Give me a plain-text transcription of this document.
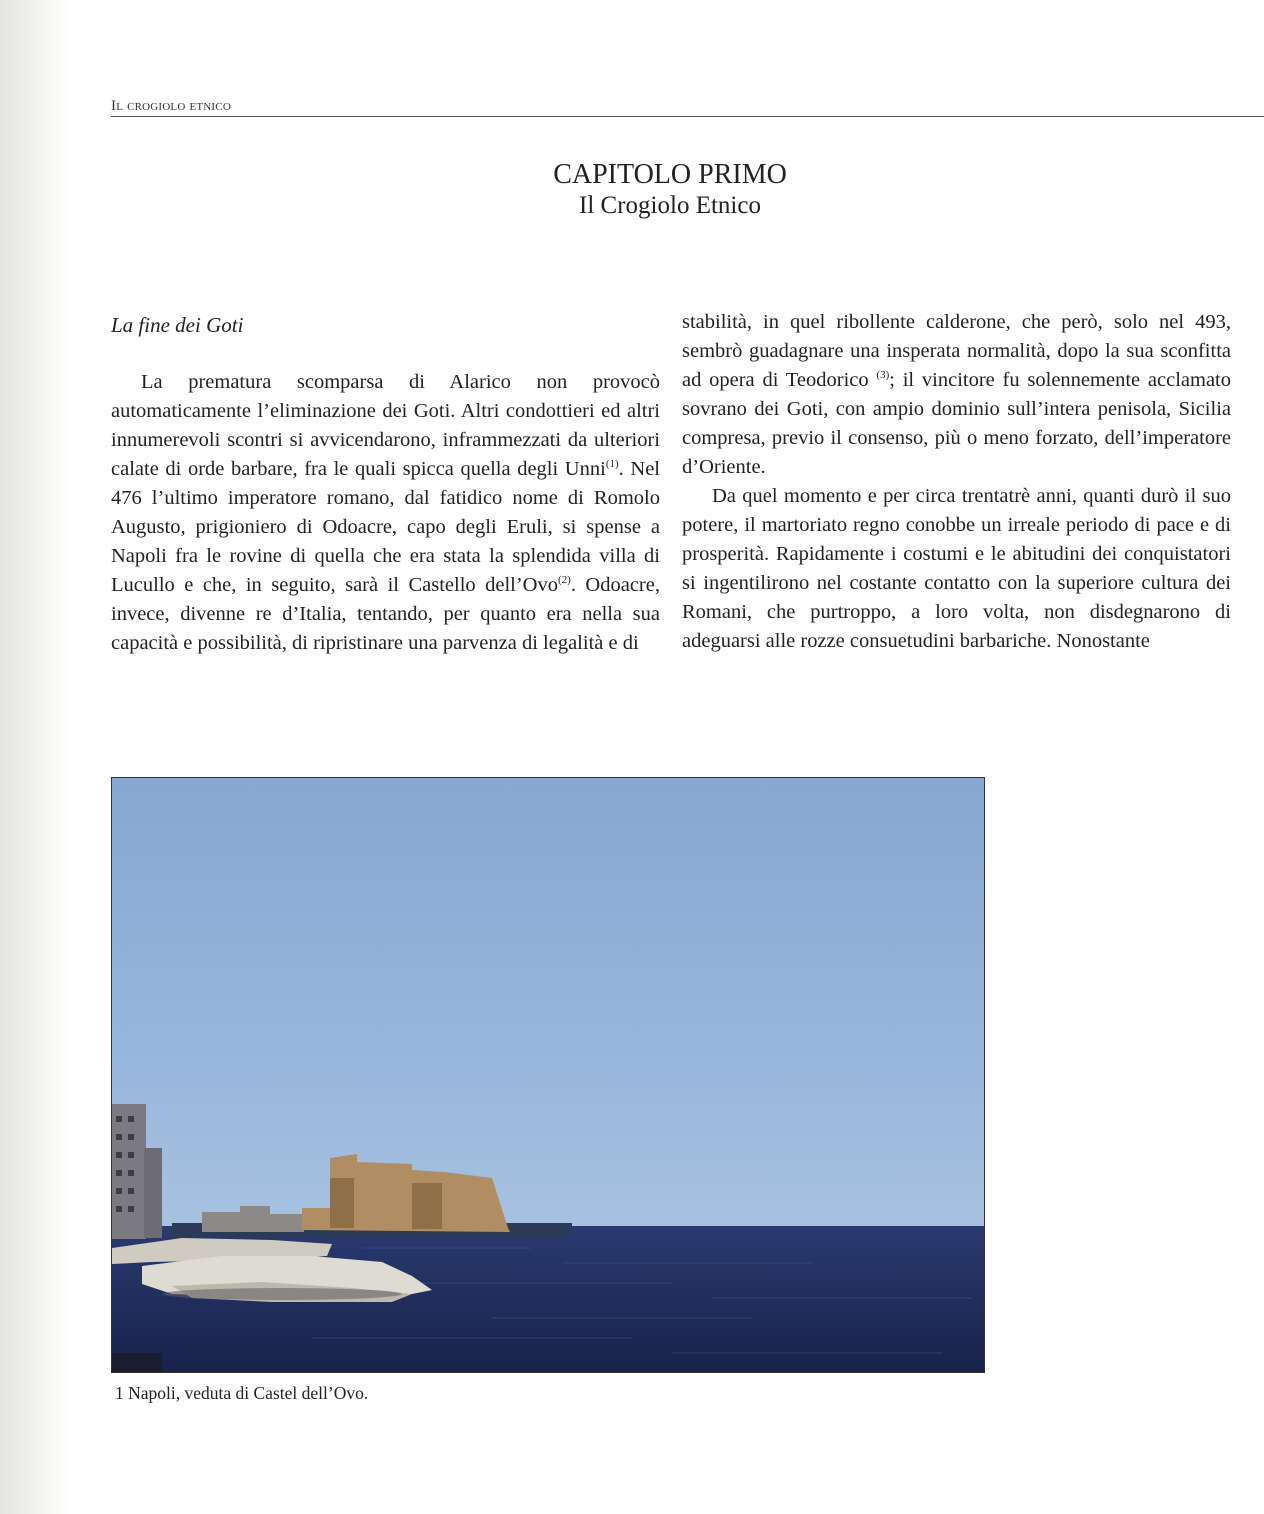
Il crogiolo etnico
CAPITOLO PRIMO
Il Crogiolo Etnico
La fine dei Goti

La prematura scomparsa di Alarico non provocò automaticamente l’eliminazione dei Goti. Altri condottieri ed altri innumerevoli scontri si avvicendarono, inframmezzati da ulteriori calate di orde barbare, fra le quali spicca quella degli Unni$^{(1)}$. Nel 476 l’ultimo imperatore romano, dal fatidico nome di Romolo Augusto, prigioniero di Odoacre, capo degli Eruli, si spense a Napoli fra le rovine di quella che era stata la splendida villa di Lucullo e che, in seguito, sarà il Castello dell’Ovo$^{(2)}$. Odoacre, invece, divenne re d’Italia, tentando, per quanto era nella sua capacità e possibilità, di ripristinare una parvenza di legalità e di

stabilità, in quel ribollente calderone, che però, solo nel 493, sembrò guadagnare una insperata normalità, dopo la sua sconfitta ad opera di Teodorico $^{(3)}$; il vincitore fu solennemente acclamato sovrano dei Goti, con ampio dominio sull’intera penisola, Sicilia compresa, previo il consenso, più o meno forzato, dell’imperatore d’Oriente.

Da quel momento e per circa trentatrè anni, quanti durò il suo potere, il martoriato regno conobbe un irreale periodo di pace e di prosperità. Rapidamente i costumi e le abitudini dei conquistatori si ingentilirono nel costante contatto con la superiore cultura dei Romani, che purtroppo, a loro volta, non disdegnarono di adeguarsi alle rozze consuetudini barbariche. Nonostante

1 Napoli, veduta di Castel dell’Ovo.
